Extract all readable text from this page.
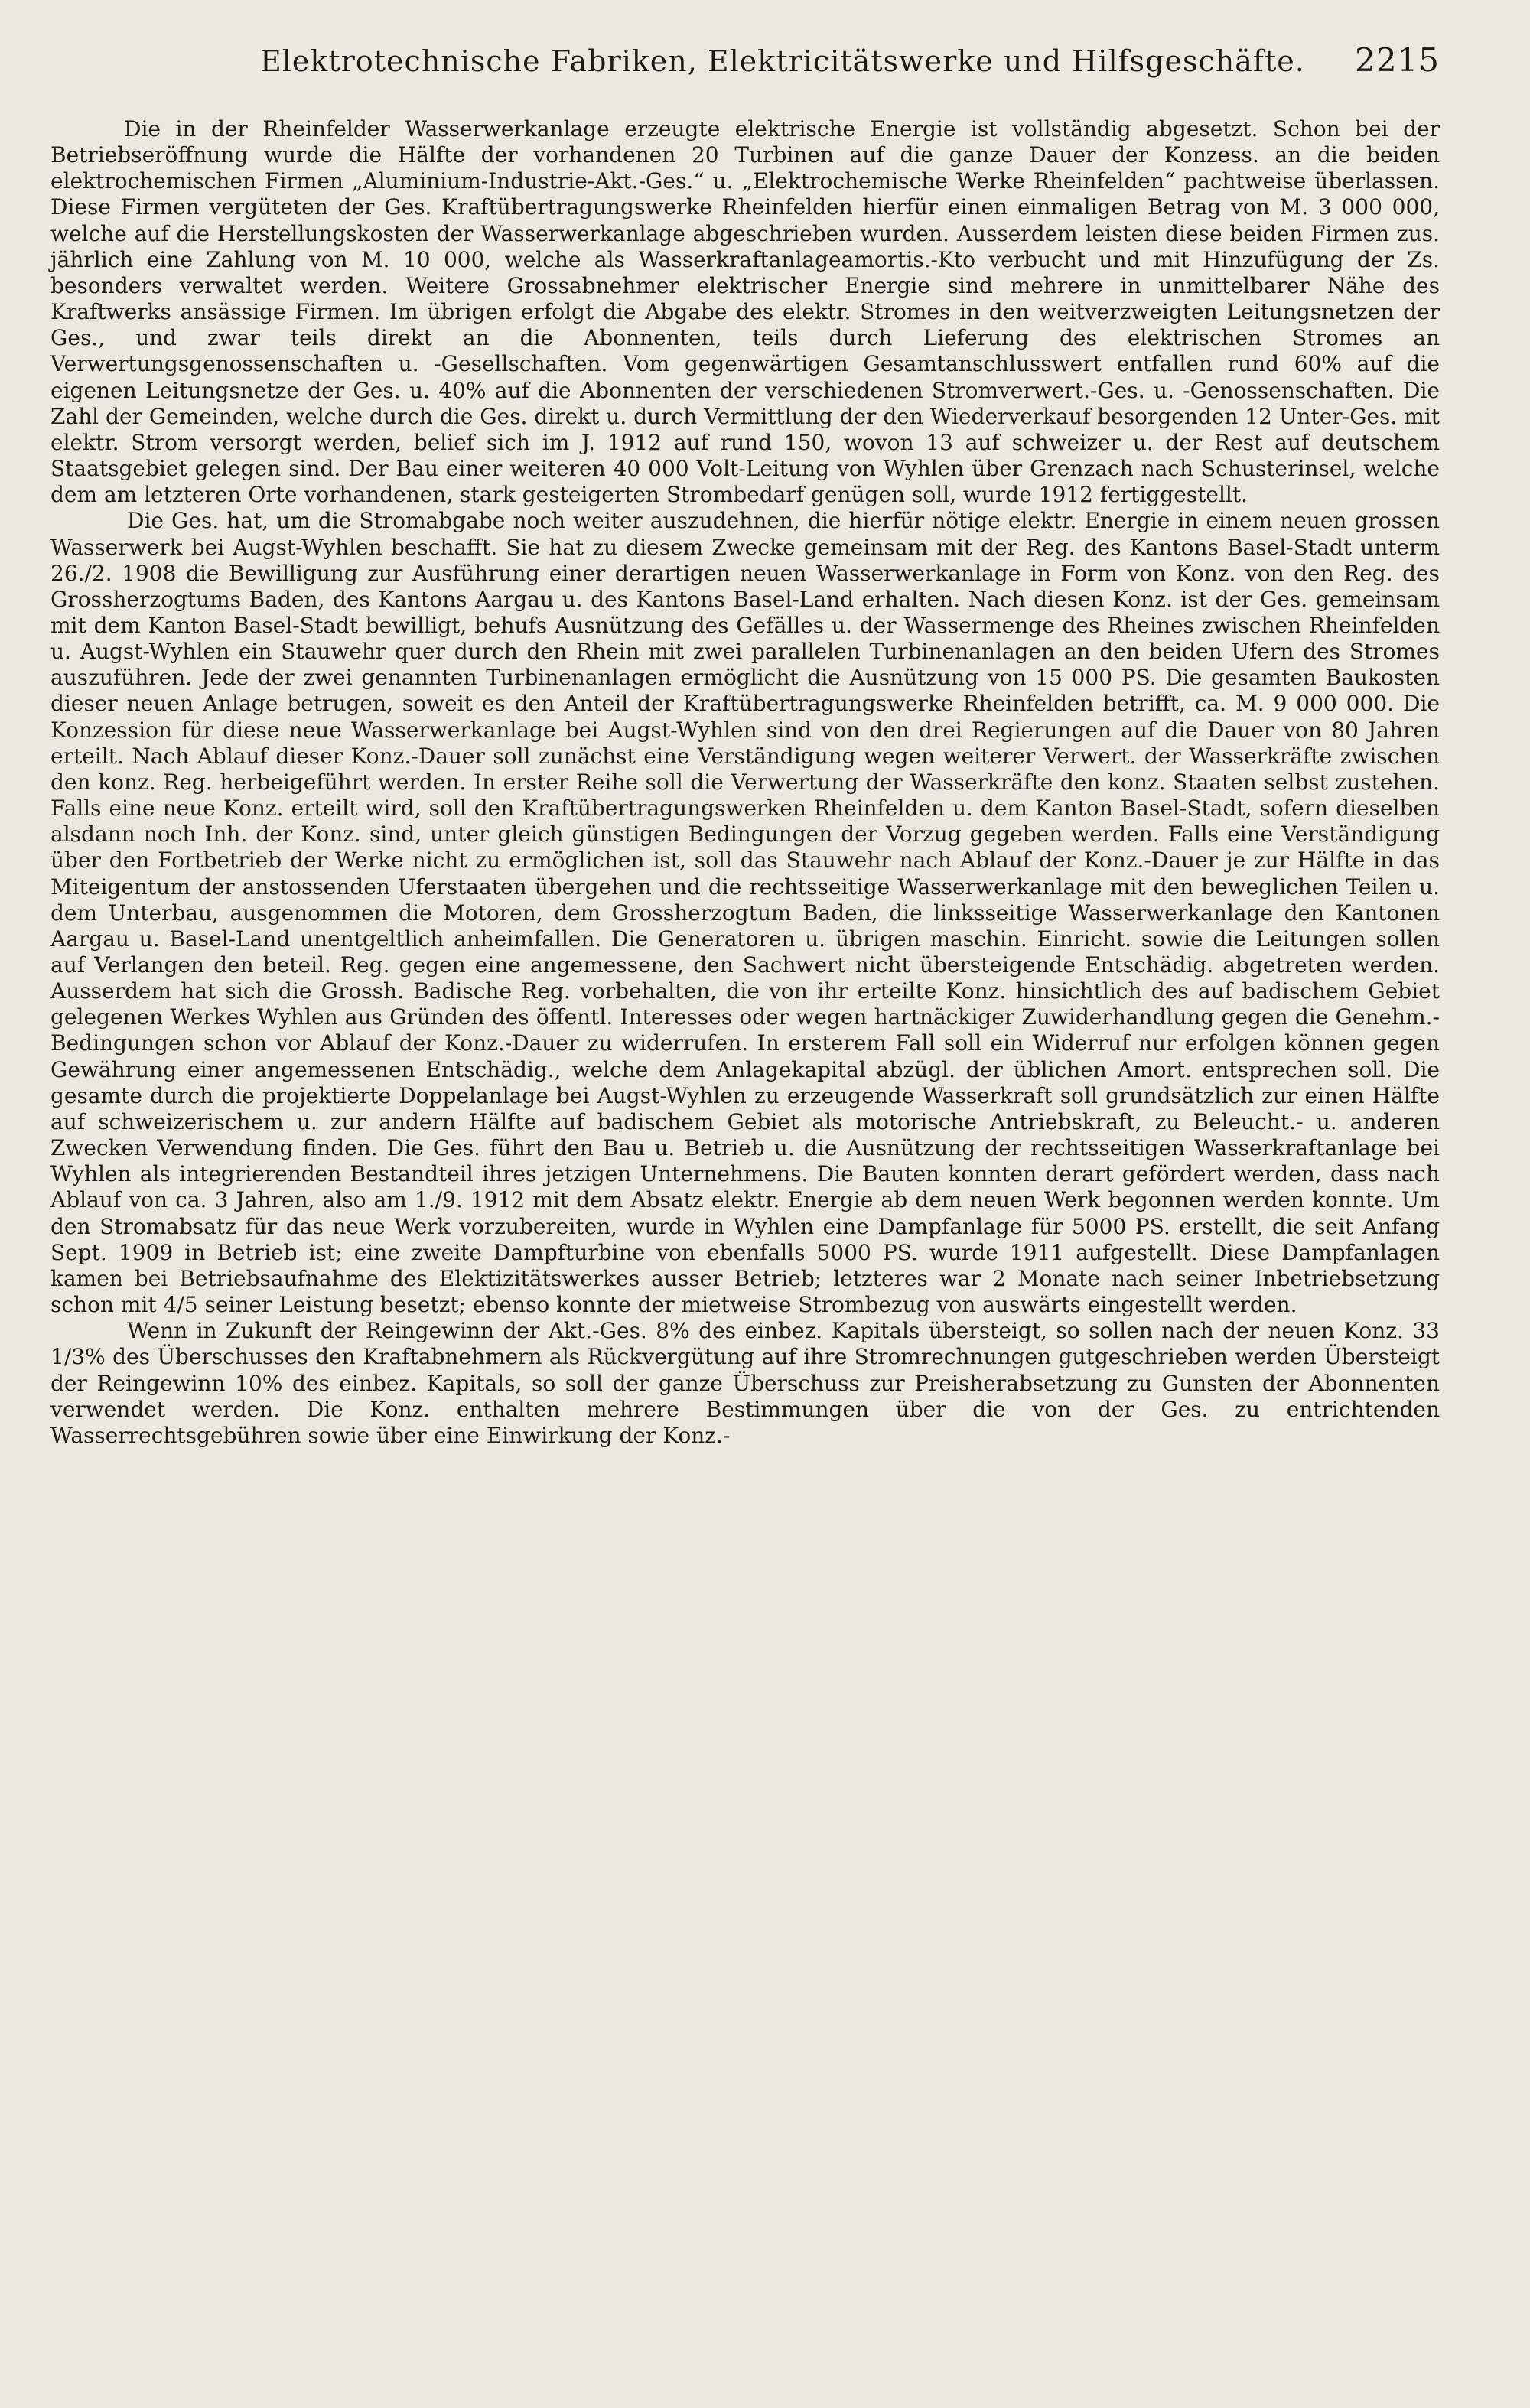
Elektrotechnische Fabriken, Elektricitätswerke und Hilfsgeschäfte. 2215

Die in der Rheinfelder Wasserwerkanlage erzeugte elektrische Energie ist vollständig abgesetzt. Schon bei der Betriebseröffnung wurde die Hälfte der vorhandenen 20 Turbinen auf die ganze Dauer der Konzess. an die beiden elektrochemischen Firmen „Aluminium-Industrie-Akt.-Ges.“ u. „Elektrochemische Werke Rheinfelden“ pachtweise überlassen. Diese Firmen vergüteten der Ges. Kraftübertragungswerke Rheinfelden hierfür einen einmaligen Betrag von M. 3 000 000, welche auf die Herstellungskosten der Wasserwerkanlage abgeschrieben wurden. Ausserdem leisten diese beiden Firmen zus. jährlich eine Zahlung von M. 10 000, welche als Wasserkraftanlageamortis.-Kto verbucht und mit Hinzufügung der Zs. besonders verwaltet werden. Weitere Grossabnehmer elektrischer Energie sind mehrere in unmittelbarer Nähe des Kraftwerks ansässige Firmen. Im übrigen erfolgt die Abgabe des elektr. Stromes in den weitverzweigten Leitungsnetzen der Ges., und zwar teils direkt an die Abonnenten, teils durch Lieferung des elektrischen Stromes an Verwertungsgenossenschaften u. -Gesellschaften. Vom gegenwärtigen Gesamtanschlusswert entfallen rund 60% auf die eigenen Leitungsnetze der Ges. u. 40% auf die Abonnenten der verschiedenen Stromverwert.-Ges. u. -Genossenschaften. Die Zahl der Gemeinden, welche durch die Ges. direkt u. durch Vermittlung der den Wiederverkauf besorgenden 12 Unter-Ges. mit elektr. Strom versorgt werden, belief sich im J. 1912 auf rund 150, wovon 13 auf schweizer u. der Rest auf deutschem Staatsgebiet gelegen sind. Der Bau einer weiteren 40 000 Volt-Leitung von Wyhlen über Grenzach nach Schusterinsel, welche dem am letzteren Orte vorhandenen, stark gesteigerten Strombedarf genügen soll, wurde 1912 fertiggestellt.

Die Ges. hat, um die Stromabgabe noch weiter auszudehnen, die hierfür nötige elektr. Energie in einem neuen grossen Wasserwerk bei Augst-Wyhlen beschafft. Sie hat zu diesem Zwecke gemeinsam mit der Reg. des Kantons Basel-Stadt unterm 26./2. 1908 die Bewilligung zur Ausführung einer derartigen neuen Wasserwerkanlage in Form von Konz. von den Reg. des Grossherzogtums Baden, des Kantons Aargau u. des Kantons Basel-Land erhalten. Nach diesen Konz. ist der Ges. gemeinsam mit dem Kanton Basel-Stadt bewilligt, behufs Ausnützung des Gefälles u. der Wassermenge des Rheines zwischen Rheinfelden u. Augst-Wyhlen ein Stauwehr quer durch den Rhein mit zwei parallelen Turbinenanlagen an den beiden Ufern des Stromes auszuführen. Jede der zwei genannten Turbinenanlagen ermöglicht die Ausnützung von 15 000 PS. Die gesamten Baukosten dieser neuen Anlage betrugen, soweit es den Anteil der Kraftübertragungswerke Rheinfelden betrifft, ca. M. 9 000 000. Die Konzession für diese neue Wasserwerkanlage bei Augst-Wyhlen sind von den drei Regierungen auf die Dauer von 80 Jahren erteilt. Nach Ablauf dieser Konz.-Dauer soll zunächst eine Verständigung wegen weiterer Verwert. der Wasserkräfte zwischen den konz. Reg. herbeigeführt werden. In erster Reihe soll die Verwertung der Wasserkräfte den konz. Staaten selbst zustehen. Falls eine neue Konz. erteilt wird, soll den Kraftübertragungswerken Rheinfelden u. dem Kanton Basel-Stadt, sofern dieselben alsdann noch Inh. der Konz. sind, unter gleich günstigen Bedingungen der Vorzug gegeben werden. Falls eine Verständigung über den Fortbetrieb der Werke nicht zu ermöglichen ist, soll das Stauwehr nach Ablauf der Konz.-Dauer je zur Hälfte in das Miteigentum der anstossenden Uferstaaten übergehen und die rechtsseitige Wasserwerkanlage mit den beweglichen Teilen u. dem Unterbau, ausgenommen die Motoren, dem Grossherzogtum Baden, die linksseitige Wasserwerkanlage den Kantonen Aargau u. Basel-Land unentgeltlich anheimfallen. Die Generatoren u. übrigen maschin. Einricht. sowie die Leitungen sollen auf Verlangen den beteil. Reg. gegen eine angemessene, den Sachwert nicht übersteigende Entschädig. abgetreten werden. Ausserdem hat sich die Grossh. Badische Reg. vorbehalten, die von ihr erteilte Konz. hinsichtlich des auf badischem Gebiet gelegenen Werkes Wyhlen aus Gründen des öffentl. Interesses oder wegen hartnäckiger Zuwiderhandlung gegen die Genehm.-Bedingungen schon vor Ablauf der Konz.-Dauer zu widerrufen. In ersterem Fall soll ein Widerruf nur erfolgen können gegen Gewährung einer angemessenen Entschädig., welche dem Anlagekapital abzügl. der üblichen Amort. entsprechen soll. Die gesamte durch die projektierte Doppelanlage bei Augst-Wyhlen zu erzeugende Wasserkraft soll grundsätzlich zur einen Hälfte auf schweizerischem u. zur andern Hälfte auf badischem Gebiet als motorische Antriebskraft, zu Beleucht.- u. anderen Zwecken Verwendung finden. Die Ges. führt den Bau u. Betrieb u. die Ausnützung der rechtsseitigen Wasserkraftanlage bei Wyhlen als integrierenden Bestandteil ihres jetzigen Unternehmens. Die Bauten konnten derart gefördert werden, dass nach Ablauf von ca. 3 Jahren, also am 1./9. 1912 mit dem Absatz elektr. Energie ab dem neuen Werk begonnen werden konnte. Um den Stromabsatz für das neue Werk vorzubereiten, wurde in Wyhlen eine Dampfanlage für 5000 PS. erstellt, die seit Anfang Sept. 1909 in Betrieb ist; eine zweite Dampfturbine von ebenfalls 5000 PS. wurde 1911 aufgestellt. Diese Dampfanlagen kamen bei Betriebsaufnahme des Elektizitätswerkes ausser Betrieb; letzteres war 2 Monate nach seiner Inbetriebsetzung schon mit 4/5 seiner Leistung besetzt; ebenso konnte der mietweise Strombezug von auswärts eingestellt werden.

Wenn in Zukunft der Reingewinn der Akt.-Ges. 8% des einbez. Kapitals übersteigt, so sollen nach der neuen Konz. 33 1/3% des Überschusses den Kraftabnehmern als Rückvergütung auf ihre Stromrechnungen gutgeschrieben werden Übersteigt der Reingewinn 10% des einbez. Kapitals, so soll der ganze Überschuss zur Preisherabsetzung zu Gunsten der Abonnenten verwendet werden. Die Konz. enthalten mehrere Bestimmungen über die von der Ges. zu entrichtenden Wasserrechtsgebühren sowie über eine Einwirkung der Konz.-
